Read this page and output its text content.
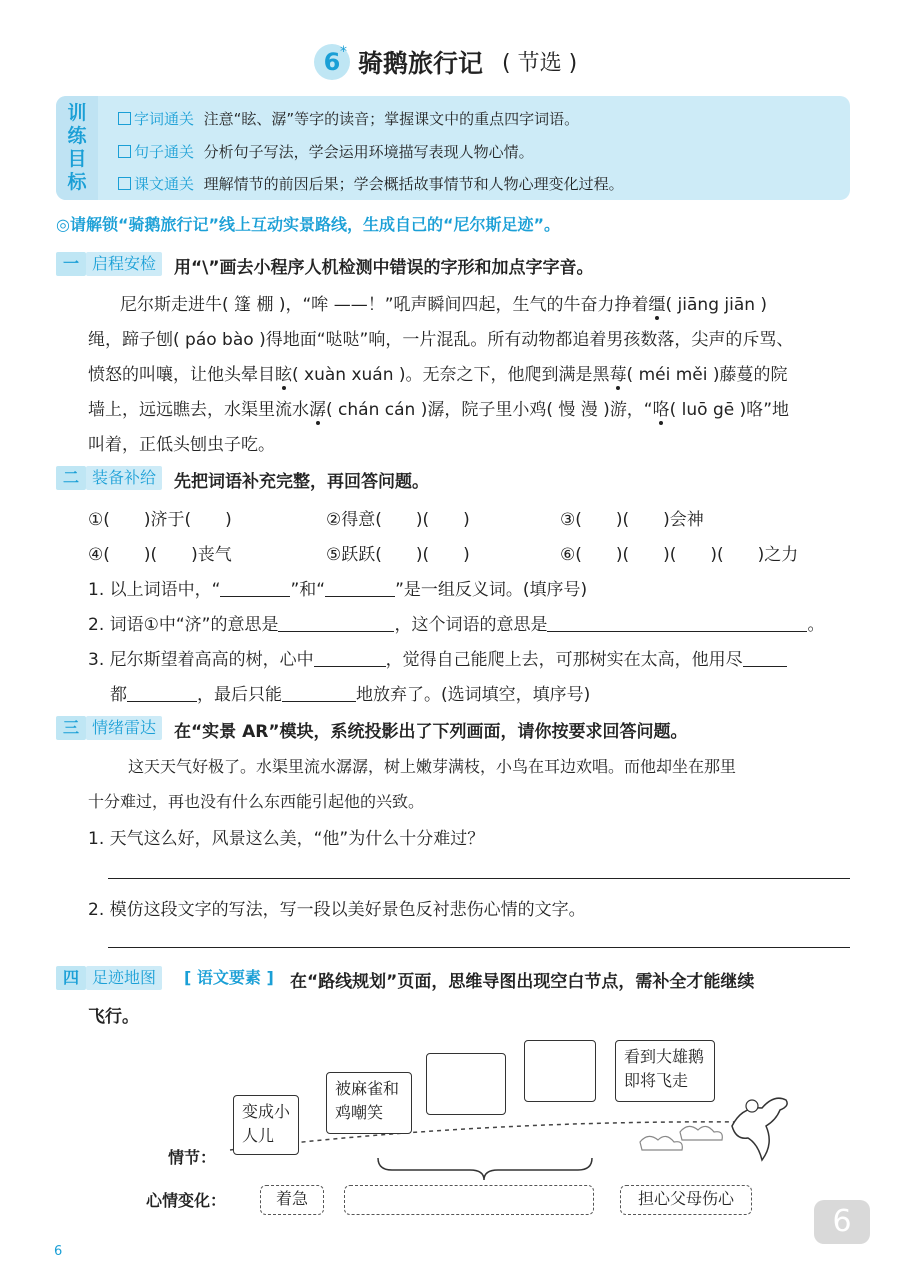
6 * 骑鹅旅行记 ( 节选 )
训练目标
字词通关 注意“眩、潺”等字的读音；掌握课文中的重点四字词语。
句子通关 分析句子写法，学会运用环境描写表现人物心情。
课文通关 理解情节的前因后果；学会概括故事情节和人物心理变化过程。
◎请解锁“骑鹅旅行记”线上互动实景路线，生成自己的“尼尔斯足迹”。
一 启程安检	用“\”画去小程序人机检测中错误的字形和加点字字音。
尼尔斯走进牛( 篷 棚 )，“哞 ——！”吼声瞬间四起，生气的牛奋力挣着缰( jiāng jiān )
绳，蹄子刨( páo bào )得地面“哒哒”响，一片混乱。所有动物都追着男孩数落，尖声的斥骂、
愤怒的叫嚷，让他头晕目眩( xuàn xuán )。无奈之下，他爬到满是黑莓( méi měi )藤蔓的院
墙上，远远瞧去，水渠里流水潺( chán cán )潺，院子里小鸡( 慢 漫 )游，“咯( luō gē )咯”地
叫着，正低头刨虫子吃。
二 装备补给	先把词语补充完整，再回答问题。
①(　　)济于(　　)	②得意(　　)(　　)	③(　　)(　　)会神
④(　　)(　　)丧气	⑤跃跃(　　)(　　)	⑥(　　)(　　)(　　)(　　)之力
1. 以上词语中，“	”和“	”是一组反义词。(填序号)
2. 词语①中“济”的意思是	，这个词语的意思是	。
3. 尼尔斯望着高高的树，心中	，觉得自己能爬上去，可那树实在太高，他用尽
都	，最后只能	地放弃了。(选词填空，填序号)
三 情绪雷达	在“实景 AR”模块，系统投影出了下列画面，请你按要求回答问题。
这天天气好极了。水渠里流水潺潺，树上嫩芽满枝，小鸟在耳边欢唱。而他却坐在那里
十分难过，再也没有什么东西能引起他的兴致。
1. 天气这么好，风景这么美，“他”为什么十分难过？
2. 模仿这段文字的写法，写一段以美好景色反衬悲伤心情的文字。
四 足迹地图	[ 语文要素 ] 在“路线规划”页面，思维导图出现空白节点，需补全才能继续
飞行。
变成小
人儿
被麻雀和
鸡嘲笑
看到大雄鹅
即将飞走
情节：
心情变化：	着急	担心父母伤心
6
6
